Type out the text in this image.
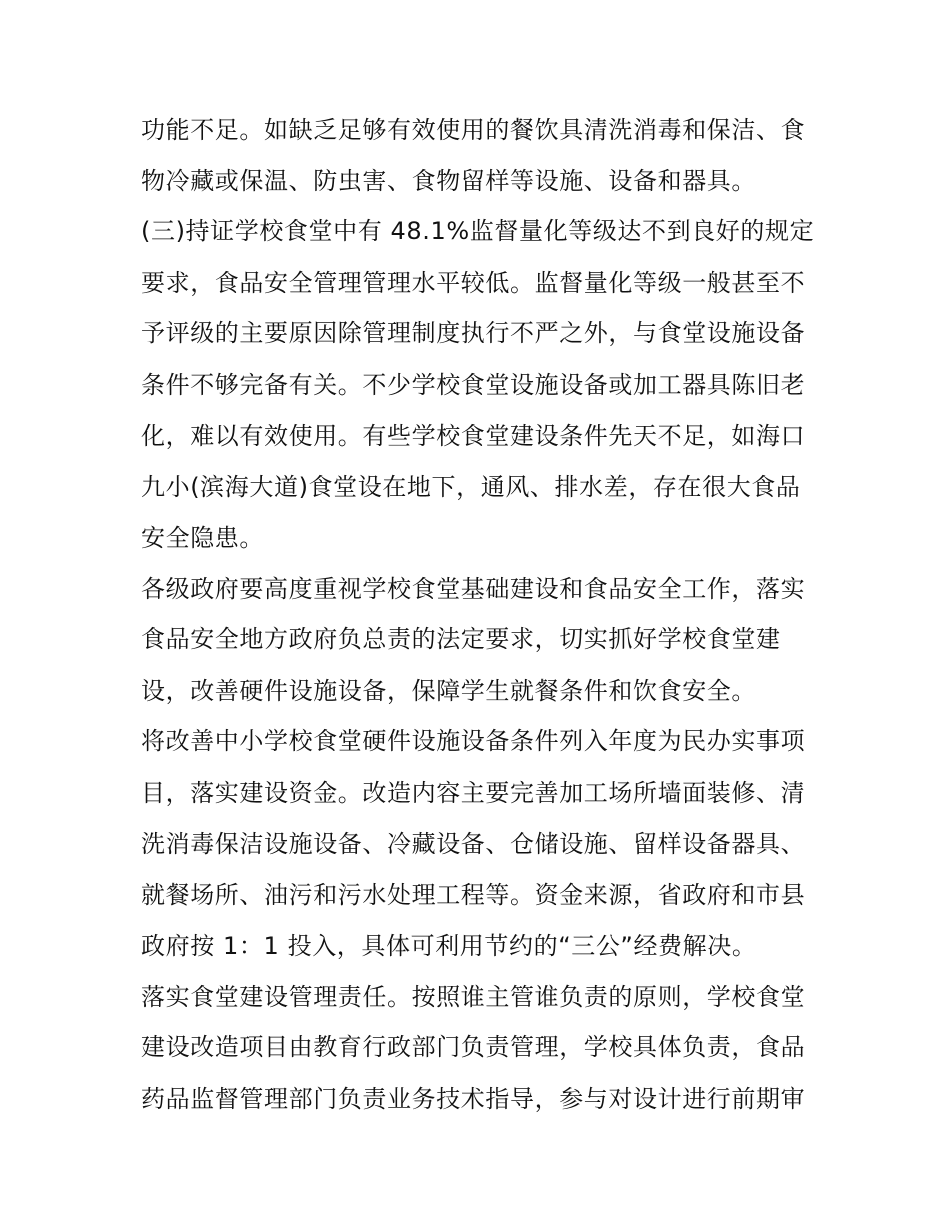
功能不足。如缺乏足够有效使用的餐饮具清洗消毒和保洁、食

物冷藏或保温、防虫害、食物留样等设施、设备和器具。

(三)持证学校食堂中有 48.1%监督量化等级达不到良好的规定

要求，食品安全管理管理水平较低。监督量化等级一般甚至不

予评级的主要原因除管理制度执行不严之外，与食堂设施设备

条件不够完备有关。不少学校食堂设施设备或加工器具陈旧老

化，难以有效使用。有些学校食堂建设条件先天不足，如海口

九小(滨海大道)食堂设在地下，通风、排水差，存在很大食品

安全隐患。

各级政府要高度重视学校食堂基础建设和食品安全工作，落实

食品安全地方政府负总责的法定要求，切实抓好学校食堂建

设，改善硬件设施设备，保障学生就餐条件和饮食安全。

将改善中小学校食堂硬件设施设备条件列入年度为民办实事项

目，落实建设资金。改造内容主要完善加工场所墙面装修、清

洗消毒保洁设施设备、冷藏设备、仓储设施、留样设备器具、

就餐场所、油污和污水处理工程等。资金来源，省政府和市县

政府按 1：1 投入，具体可利用节约的“三公”经费解决。

落实食堂建设管理责任。按照谁主管谁负责的原则，学校食堂

建设改造项目由教育行政部门负责管理，学校具体负责，食品

药品监督管理部门负责业务技术指导，参与对设计进行前期审
